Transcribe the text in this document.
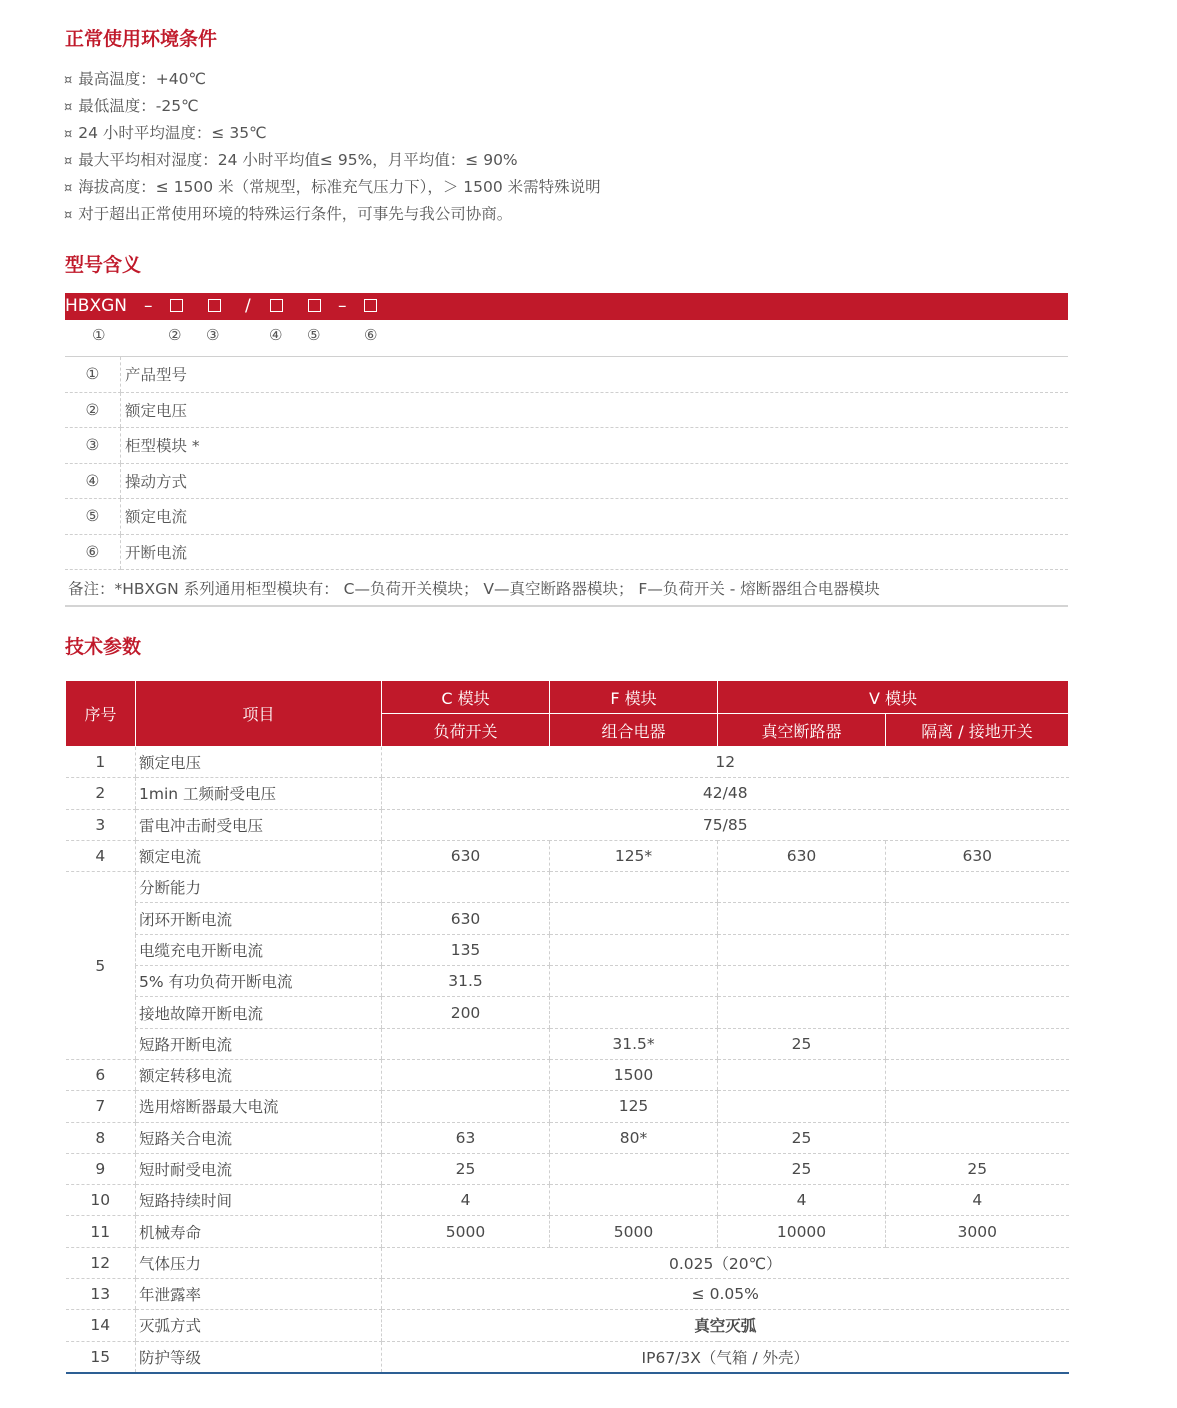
正常使用环境条件
¤ 最高温度：+40℃
¤ 最低温度：-25℃
¤ 24 小时平均温度：≤ 35℃
¤ 最大平均相对湿度：24 小时平均值≤ 95%，月平均值：≤ 90%
¤ 海拔高度：≤ 1500 米（常规型，标准充气压力下），＞ 1500 米需特殊说明
¤ 对于超出正常使用环境的特殊运行条件，可事先与我公司协商。
型号含义
HBXGN –	/	–
①	② ③	④ ⑤	⑥
①	产品型号
②	额定电压
③	柜型模块 *
④	操动方式
⑤	额定电流
⑥	开断电流
备注：*HBXGN 系列通用柜型模块有： C—负荷开关模块； V—真空断路器模块； F—负荷开关 - 熔断器组合电器模块	
技术参数
序号	项目	C 模块	F 模块	V 模块	
		负荷开关	组合电器	真空断路器	隔离 / 接地开关
1	额定电压	12			
2	1min 工频耐受电压	42/48			
3	雷电冲击耐受电压	75/85			
4	额定电流	630	125*	630	630
5	分断能力				
	闭环开断电流	630			
	电缆充电开断电流	135			
	5% 有功负荷开断电流	31.5			
	接地故障开断电流	200			
	短路开断电流		31.5*	25	
6	额定转移电流		1500		
7	选用熔断器最大电流		125		
8	短路关合电流	63	80*	25	
9	短时耐受电流	25		25	25
10	短路持续时间	4		4	4
11	机械寿命	5000	5000	10000	3000
12	气体压力	0.025（20℃）			
13	年泄露率	≤ 0.05%			
14	灭弧方式	真空灭弧			
15	防护等级	IP67/3X（气箱 / 外壳）			
